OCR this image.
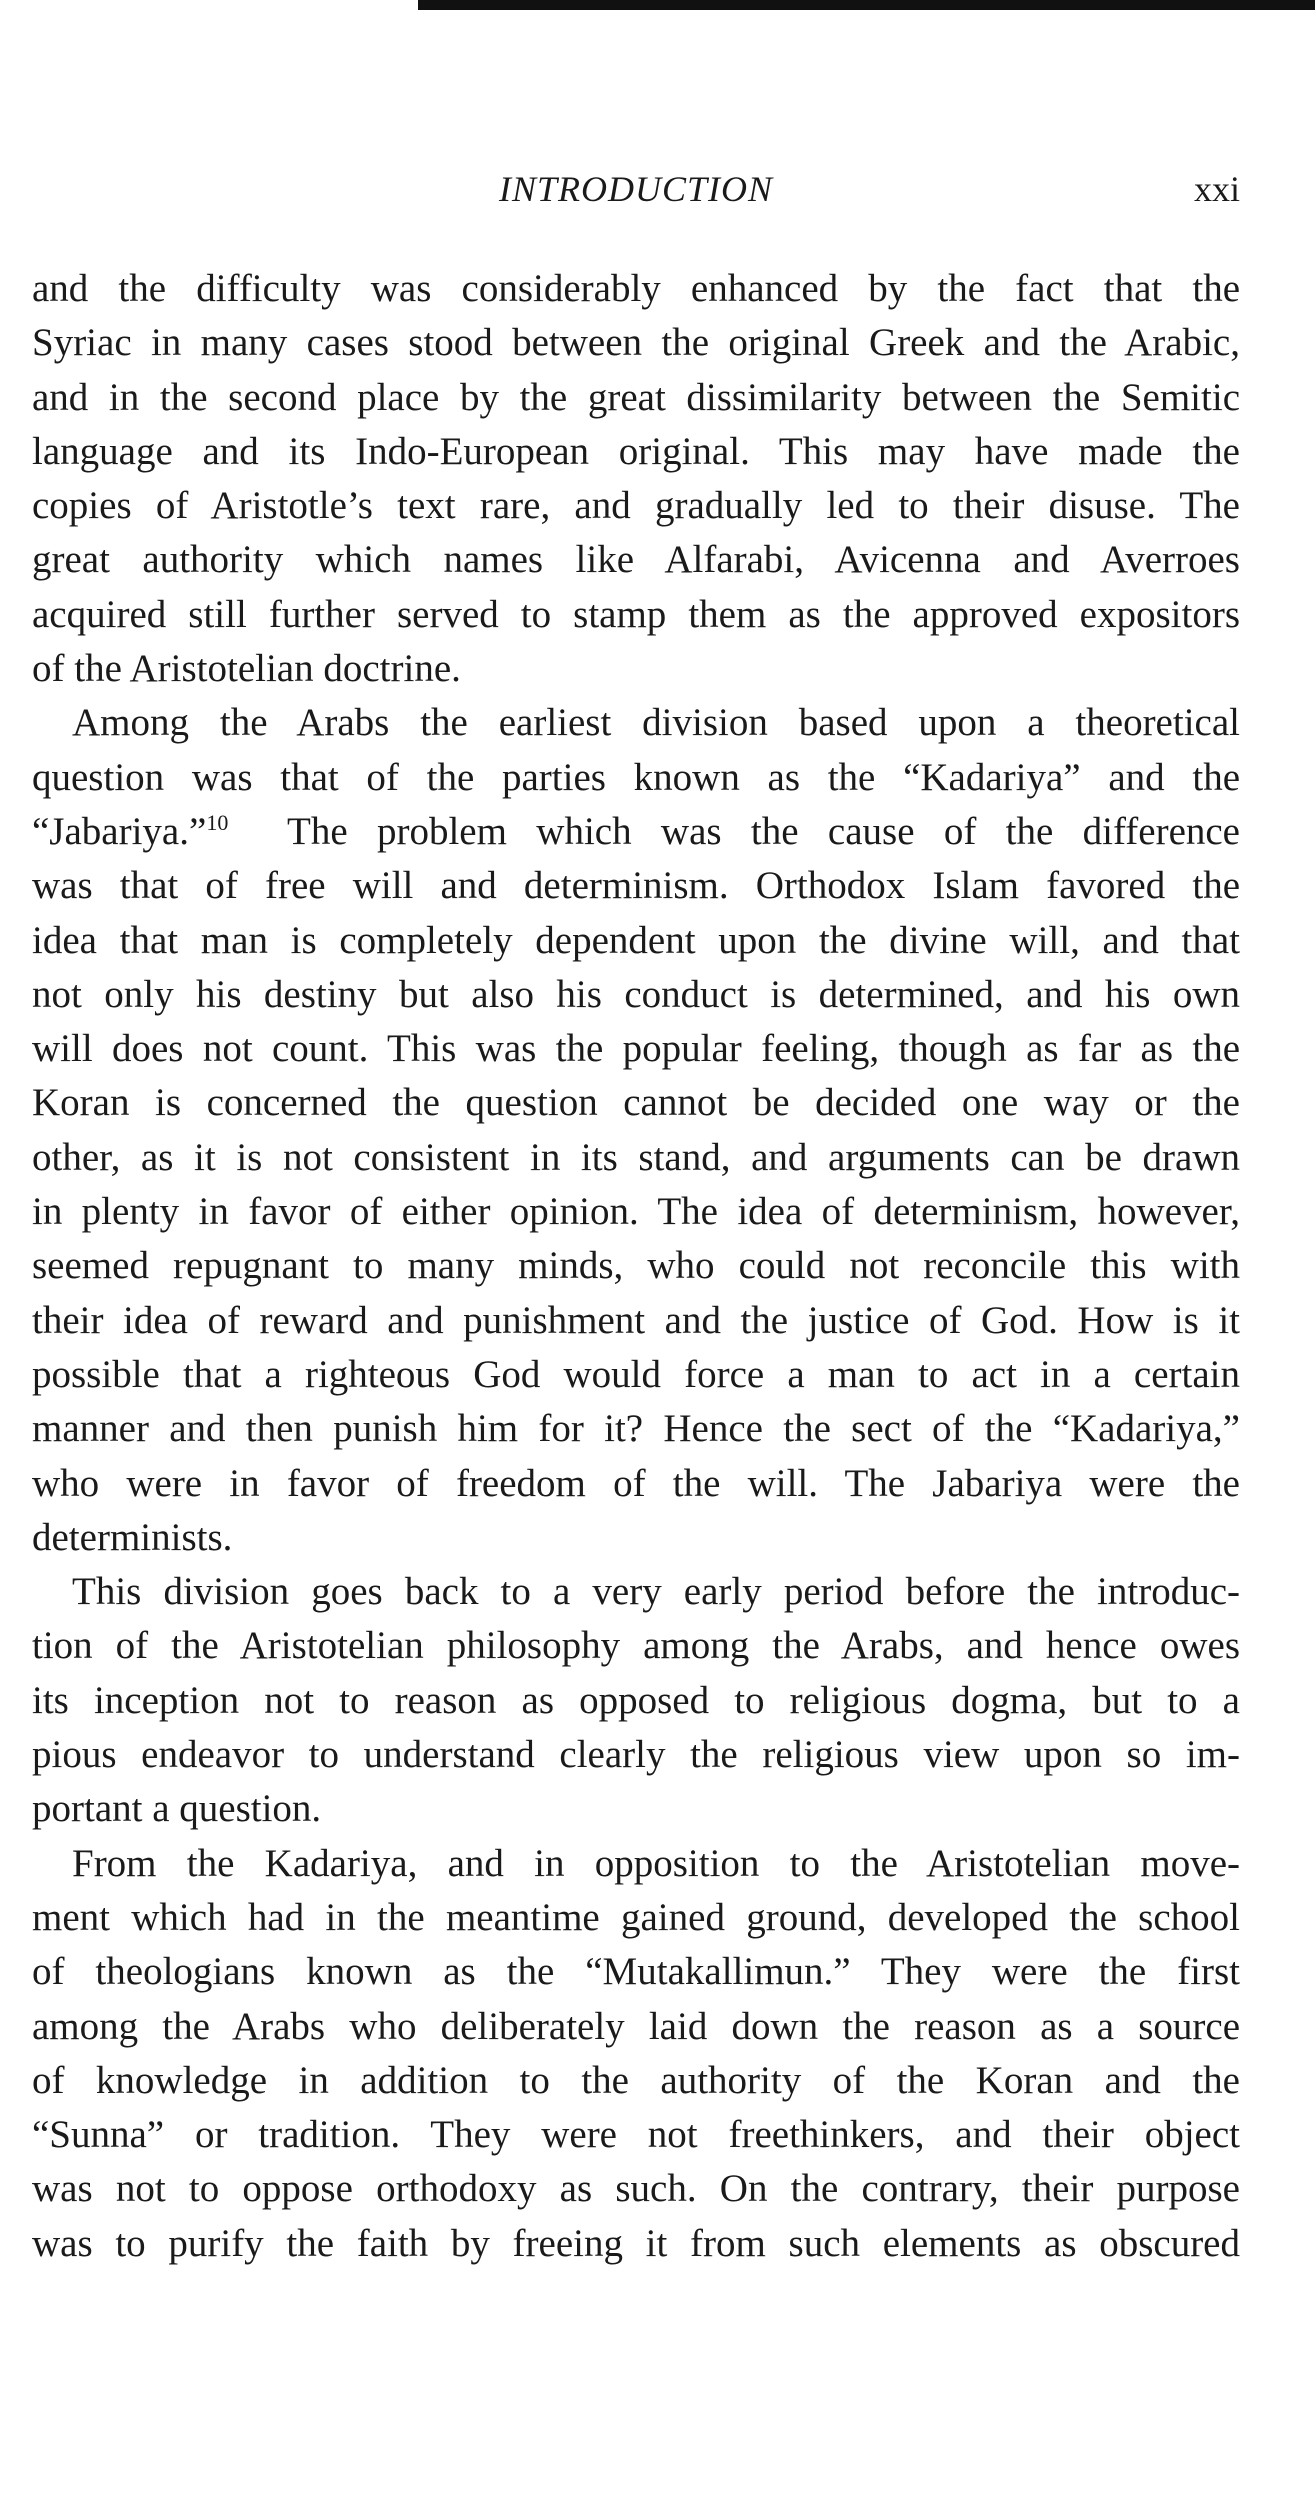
INTRODUCTION	xxi

and the difficulty was considerably enhanced by the fact that the
Syriac in many cases stood between the original Greek and the Arabic,
and in the second place by the great dissimilarity between the Semitic
language and its Indo-European original. This may have made the
copies of Aristotle’s text rare, and gradually led to their disuse. The
great authority which names like Alfarabi, Avicenna and Averroes
acquired still further served to stamp them as the approved expositors
of the Aristotelian doctrine.

Among the Arabs the earliest division based upon a theoretical
question was that of the parties known as the “Kadariya” and the
“Jabariya.”$^{10}$ The problem which was the cause of the difference
was that of free will and determinism. Orthodox Islam favored the
idea that man is completely dependent upon the divine will, and that
not only his destiny but also his conduct is determined, and his own
will does not count. This was the popular feeling, though as far as the
Koran is concerned the question cannot be decided one way or the
other, as it is not consistent in its stand, and arguments can be drawn
in plenty in favor of either opinion. The idea of determinism, however,
seemed repugnant to many minds, who could not reconcile this with
their idea of reward and punishment and the justice of God. How is it
possible that a righteous God would force a man to act in a certain
manner and then punish him for it? Hence the sect of the “Kadariya,”
who were in favor of freedom of the will. The Jabariya were the
determinists.

This division goes back to a very early period before the introduc-
tion of the Aristotelian philosophy among the Arabs, and hence owes
its inception not to reason as opposed to religious dogma, but to a
pious endeavor to understand clearly the religious view upon so im-
portant a question.

From the Kadariya, and in opposition to the Aristotelian move-
ment which had in the meantime gained ground, developed the school
of theologians known as the “Mutakallimun.” They were the first
among the Arabs who deliberately laid down the reason as a source
of knowledge in addition to the authority of the Koran and the
“Sunna” or tradition. They were not freethinkers, and their object
was not to oppose orthodoxy as such. On the contrary, their purpose
was to purify the faith by freeing it from such elements as obscured
